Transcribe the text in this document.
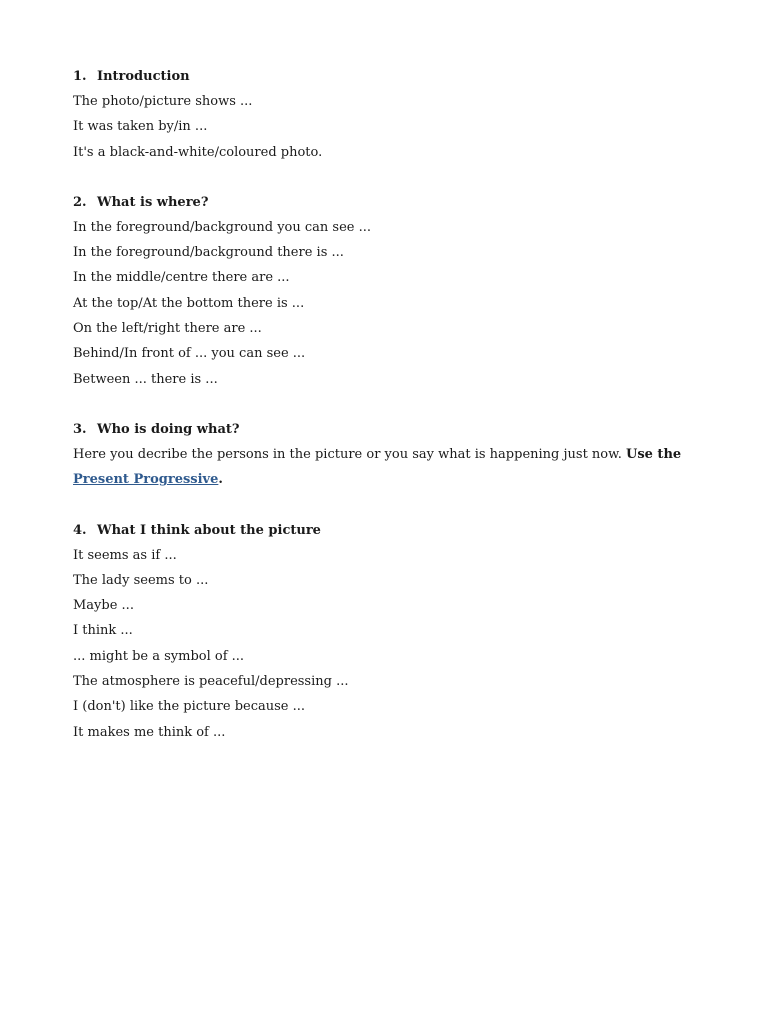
1. Introduction
The photo/picture shows ...
It was taken by/in ...
It's a black-and-white/coloured photo.
2. What is where?
In the foreground/background you can see ...
In the foreground/background there is ...
In the middle/centre there are ...
At the top/At the bottom there is ...
On the left/right there are ...
Behind/In front of ... you can see ...
Between ... there is ...
3. Who is doing what?
Here you decribe the persons in the picture or you say what is happening just now. Use the Present Progressive.
4. What I think about the picture
It seems as if ...
The lady seems to ...
Maybe ...
I think ...
... might be a symbol of ...
The atmosphere is peaceful/depressing ...
I (don't) like the picture because ...
It makes me think of ...
